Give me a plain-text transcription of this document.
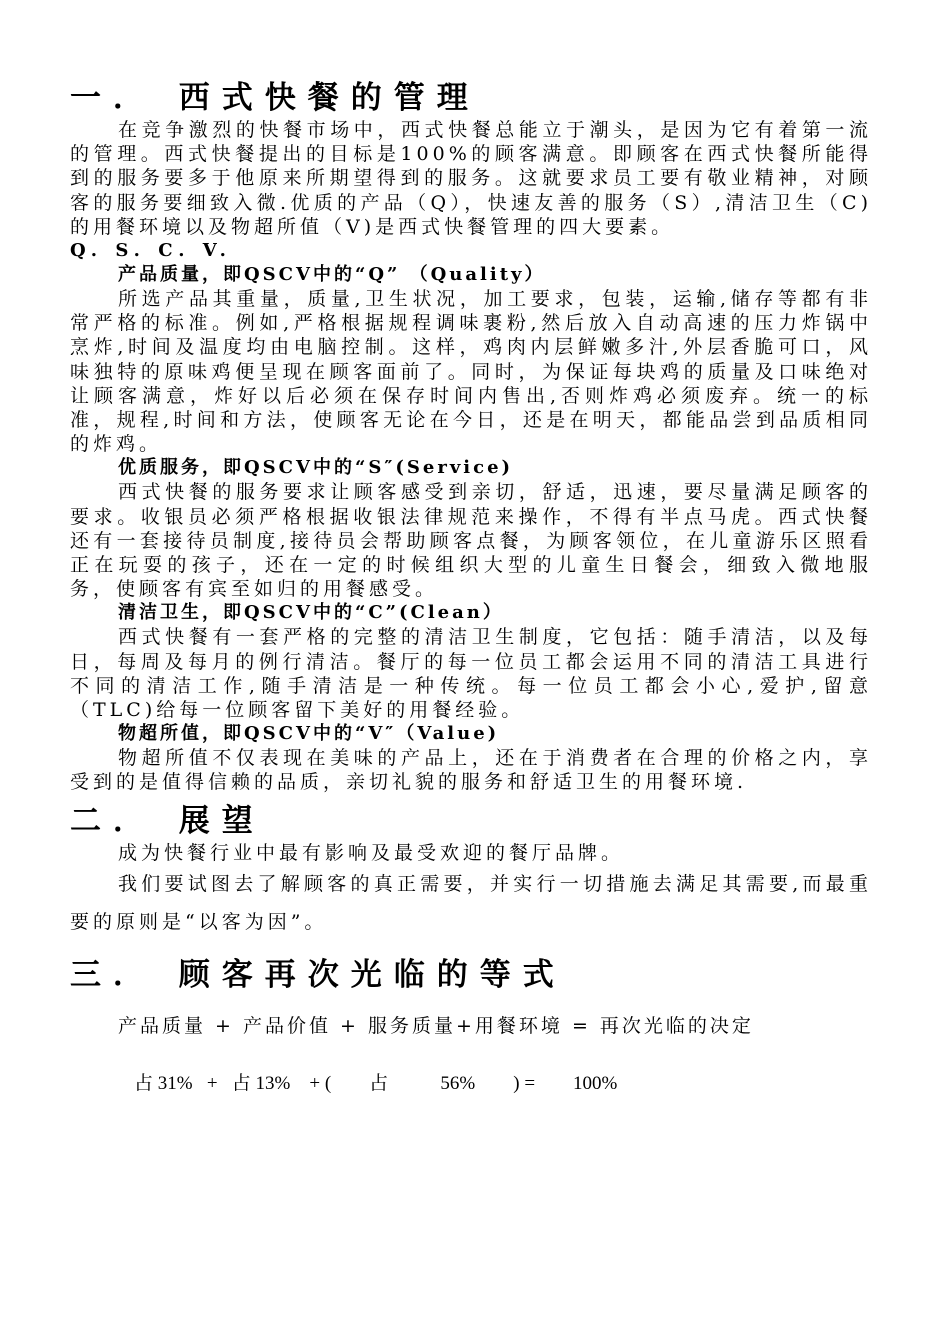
一． 西式快餐的管理

在竞争激烈的快餐市场中，西式快餐总能立于潮头，是因为它有着第一流的管理。西式快餐提出的目标是100%的顾客满意。即顾客在西式快餐所能得到的服务要多于他原来所期望得到的服务。这就要求员工要有敬业精神，对顾客的服务要细致入微.优质的产品（Q），快速友善的服务（S）,清洁卫生（C)的用餐环境以及物超所值（V)是西式快餐管理的四大要素。

Q. S. C. V.

产品质量，即QSCV中的“Q” （Quality）

所选产品其重量，质量,卫生状况，加工要求，包装，运输,储存等都有非常严格的标准。例如,严格根据规程调味裹粉,然后放入自动高速的压力炸锅中烹炸,时间及温度均由电脑控制。这样，鸡肉内层鲜嫩多汁,外层香脆可口，风味独特的原味鸡便呈现在顾客面前了。同时，为保证每块鸡的质量及口味绝对让顾客满意，炸好以后必须在保存时间内售出,否则炸鸡必须废弃。统一的标准，规程,时间和方法，使顾客无论在今日，还是在明天，都能品尝到品质相同的炸鸡。

优质服务，即QSCV中的“S″(Service)

西式快餐的服务要求让顾客感受到亲切，舒适，迅速，要尽量满足顾客的要求。收银员必须严格根据收银法律规范来操作，不得有半点马虎。西式快餐还有一套接待员制度,接待员会帮助顾客点餐，为顾客领位，在儿童游乐区照看正在玩耍的孩子，还在一定的时候组织大型的儿童生日餐会，细致入微地服务，使顾客有宾至如归的用餐感受。

清洁卫生，即QSCV中的“C”(Clean）

西式快餐有一套严格的完整的清洁卫生制度，它包括：随手清洁，以及每日，每周及每月的例行清洁。餐厅的每一位员工都会运用不同的清洁工具进行不同的清洁工作,随手清洁是一种传统。每一位员工都会小心,爱护,留意（TLC)给每一位顾客留下美好的用餐经验。

物超所值，即QSCV中的“V″（Value)

物超所值不仅表现在美味的产品上，还在于消费者在合理的价格之内，享受到的是值得信赖的品质，亲切礼貌的服务和舒适卫生的用餐环境.

二． 展望

成为快餐行业中最有影响及最受欢迎的餐厅品牌。

我们要试图去了解顾客的真正需要，并实行一切措施去满足其需要,而最重要的原则是“以客为因”。

三． 顾客再次光临的等式

产品质量 + 产品价值 + 服务质量+用餐环境 = 再次光临的决定

占 31%   +   占 13%    + (        占           56%        ) =        100%
